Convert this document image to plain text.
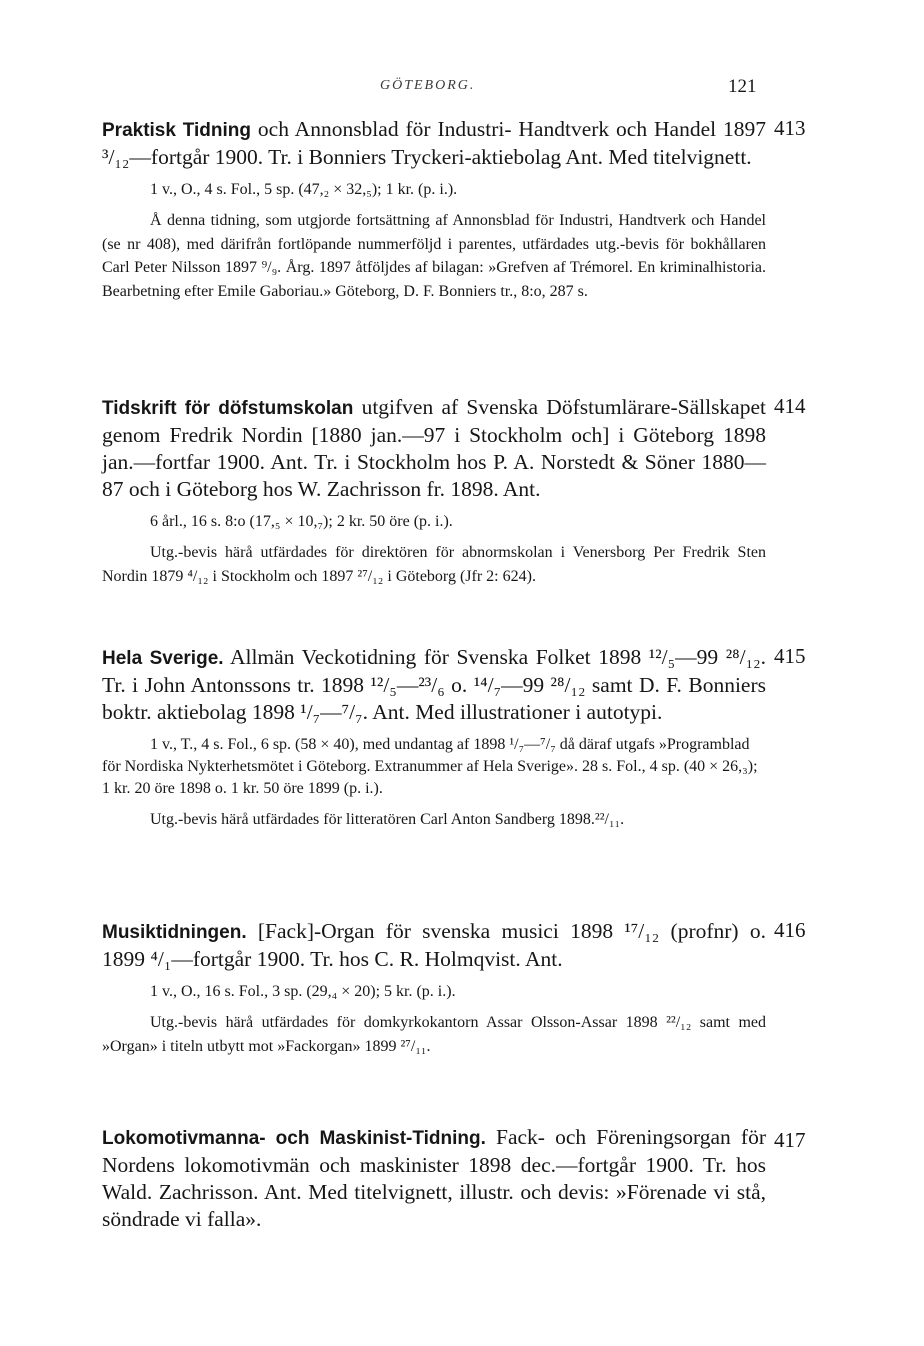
GÖTEBORG.	121
413
Praktisk Tidning och Annonsblad för Industri- Handtverk och Handel 1897 ³/₁₂—fortgår 1900. Tr. i Bonniers Tryckeri-aktiebolag Ant. Med titelvignett.
1 v., O., 4 s. Fol., 5 sp. (47,₂ × 32,₅); 1 kr. (p. i.).

Å denna tidning, som utgjorde fortsättning af Annonsblad för Industri, Handtverk och Handel (se nr 408), med därifrån fortlöpande nummerföljd i parentes, utfärdades utg.-bevis för bokhållaren Carl Peter Nilsson 1897 ⁹/₉. Årg. 1897 åtföljdes af bilagan: »Grefven af Trémorel. En kriminalhistoria. Bearbetning efter Emile Gaboriau.» Göteborg, D. F. Bonniers tr., 8:o, 287 s.

414
Tidskrift för döfstumskolan utgifven af Svenska Döfstumlärare-Sällskapet genom Fredrik Nordin [1880 jan.—97 i Stockholm och] i Göteborg 1898 jan.—fortfar 1900. Ant. Tr. i Stockholm hos P. A. Norstedt & Söner 1880—87 och i Göteborg hos W. Zachrisson fr. 1898. Ant.
6 årl., 16 s. 8:o (17,₅ × 10,₇); 2 kr. 50 öre (p. i.).

Utg.-bevis härå utfärdades för direktören för abnormskolan i Venersborg Per Fredrik Sten Nordin 1879 ⁴/₁₂ i Stockholm och 1897 ²⁷/₁₂ i Göteborg (Jfr 2: 624).

415
Hela Sverige. Allmän Veckotidning för Svenska Folket 1898 ¹²/₅—99 ²⁸/₁₂. Tr. i John Antonssons tr. 1898 ¹²/₅—²³/₆ o. ¹⁴/₇—99 ²⁸/₁₂ samt D. F. Bonniers boktr. aktiebolag 1898 ¹/₇—⁷/₇. Ant. Med illustrationer i autotypi.
1 v., T., 4 s. Fol., 6 sp. (58 × 40), med undantag af 1898 ¹/₇—⁷/₇ då däraf utgafs »Programblad för Nordiska Nykterhetsmötet i Göteborg. Extranummer af Hela Sverige». 28 s. Fol., 4 sp. (40 × 26,₃); 1 kr. 20 öre 1898 o. 1 kr. 50 öre 1899 (p. i.).

Utg.-bevis härå utfärdades för litteratören Carl Anton Sandberg 1898.²²/₁₁.

416
Musiktidningen. [Fack]-Organ för svenska musici 1898 ¹⁷/₁₂ (profnr) o. 1899 ⁴/₁—fortgår 1900. Tr. hos C. R. Holmqvist. Ant.
1 v., O., 16 s. Fol., 3 sp. (29,₄ × 20); 5 kr. (p. i.).

Utg.-bevis härå utfärdades för domkyrkokantorn Assar Olsson-Assar 1898 ²²/₁₂ samt med »Organ» i titeln utbytt mot »Fackorgan» 1899 ²⁷/₁₁.

417
Lokomotivmanna- och Maskinist-Tidning. Fack- och Föreningsorgan för Nordens lokomotivmän och maskinister 1898 dec.—fortgår 1900. Tr. hos Wald. Zachrisson. Ant. Med titelvignett, illustr. och devis: »Förenade vi stå, söndrade vi falla».
